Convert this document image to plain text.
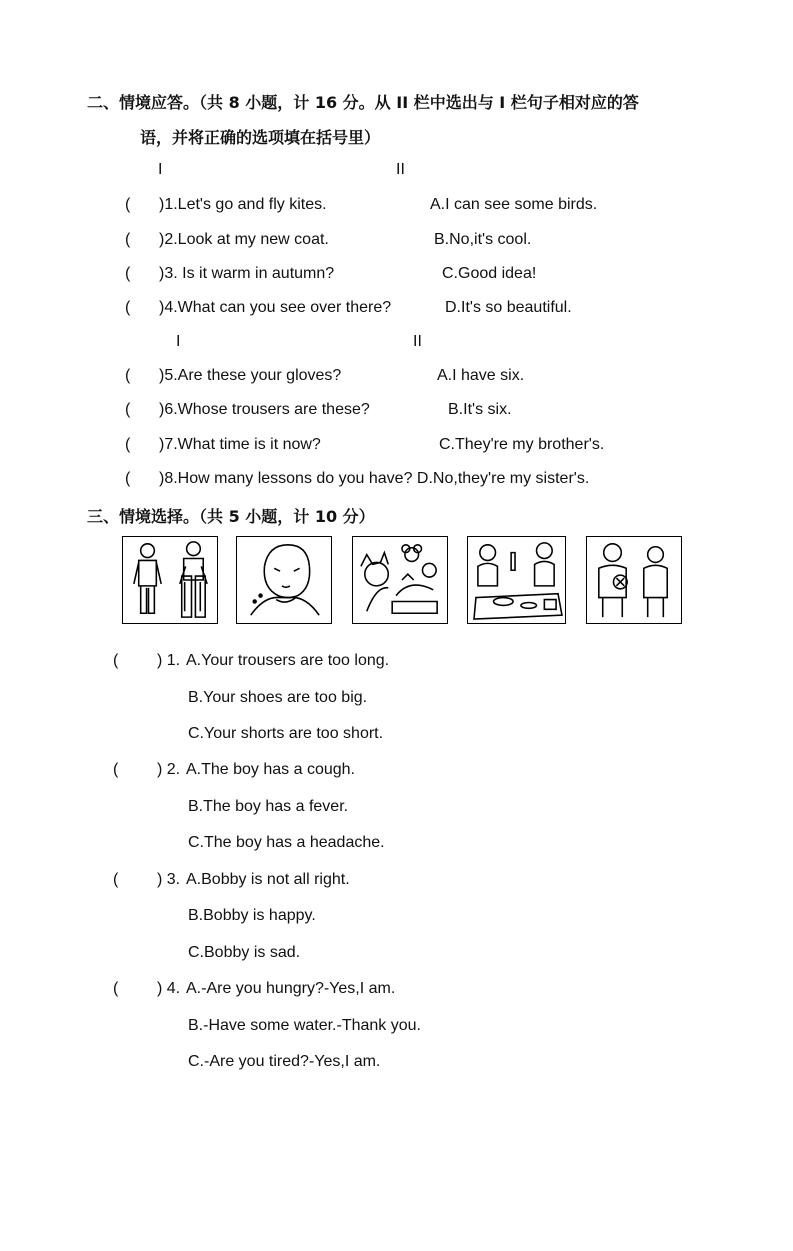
二、情境应答。（共 8 小题，计 16 分。从 II 栏中选出与 I 栏句子相对应的答
语，并将正确的选项填在括号里）
I	II
( )1.Let's go and fly kites.	A.I can see some birds.
( )2.Look at my new coat.	B.No,it's cool.
( )3. Is it warm in autumn?	C.Good idea!
( )4.What can you see over there?	D.It's so beautiful.
I	II
( )5.Are these your gloves?	A.I have six.
( )6.Whose trousers are these?	B.It's six.
( )7.What time is it now?	C.They're my brother's.
( )8.How many lessons do you have? D.No,they're my sister's.
三、情境选择。（共 5 小题，计 10 分）
( ) 1. A.Your trousers are too long.
B.Your shoes are too big.
C.Your shorts are too short.
( ) 2. A.The boy has a cough.
B.The boy has a fever.
C.The boy has a headache.
( ) 3. A.Bobby is not all right.
B.Bobby is happy.
C.Bobby is sad.
( ) 4. A.-Are you hungry?-Yes,I am.
B.-Have some water.-Thank you.
C.-Are you tired?-Yes,I am.
